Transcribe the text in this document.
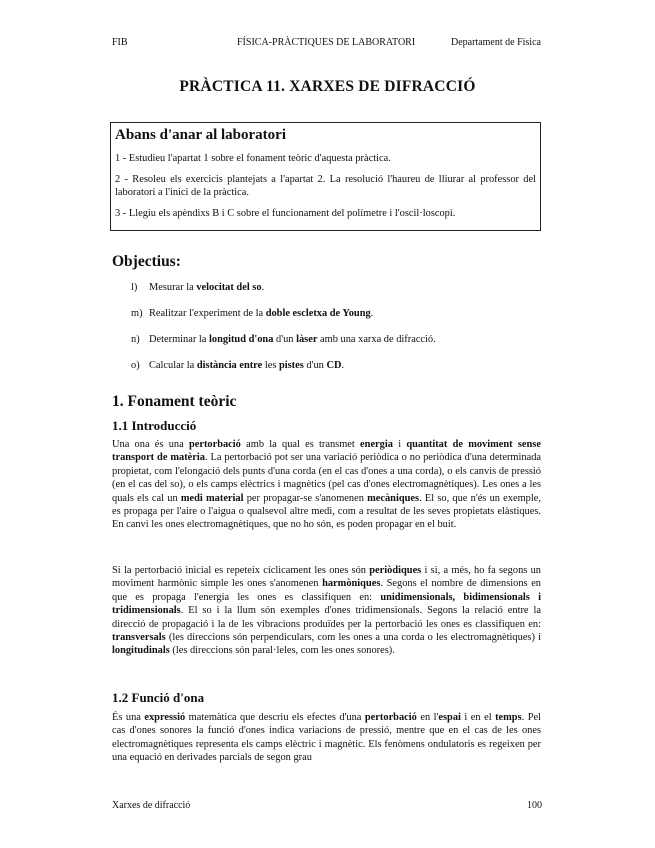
FIB	FÍSICA-PRÀCTIQUES DE LABORATORI	Departament de Física
PRÀCTICA 11. XARXES DE DIFRACCIÓ
Abans d'anar al laboratori

1 - Estudieu l'apartat 1 sobre el fonament teòric d'aquesta pràctica.

2 - Resoleu els exercicis plantejats a l'apartat 2. La resolució l'haureu de lliurar al professor del laboratori a l'inici de la pràctica.

3 - Llegiu els apèndixs B i C sobre el funcionament del polímetre i l'oscil·loscopi.

Objectius:
l)	Mesurar la velocitat del so.
m) Realitzar l'experiment de la doble escletxa de Young.
n) Determinar la longitud d'ona d'un làser amb una xarxa de difracció.
o) Calcular la distància entre les pistes d'un CD.
1. Fonament teòric
1.1 Introducció

Una ona és una pertorbació amb la qual es transmet energia i quantitat de moviment sense transport de matèria. La pertorbació pot ser una variació periòdica o no periòdica d'una determinada propietat, com l'elongació dels punts d'una corda (en el cas d'ones a una corda), o els canvis de pressió (en el cas del so), o els camps elèctrics i magnètics (pel cas d'ones electromagnètiques). Les ones a les quals els cal un medi material per propagar-se s'anomenen mecàniques. El so, que n'és un exemple, es propaga per l'aire o l'aigua o qualsevol altre medi, com a resultat de les seves propietats elàstiques. En canvi les ones electromagnètiques, que no ho són, es poden propagar en el buit.

Si la pertorbació inicial es repeteix cíclicament les ones són periòdiques i si, a més, ho fa segons un moviment harmònic simple les ones s'anomenen harmòniques. Segons el nombre de dimensions en que es propaga l'energia les ones es classifiquen en: unidimensionals, bidimensionals i tridimensionals. El so i la llum són exemples d'ones tridimensionals. Segons la relació entre la direcció de propagació i la de les vibracions produïdes per la pertorbació les ones es classifiquen en: transversals (les direccions són perpendiculars, com les ones a una corda o les electromagnètiques) i longitudinals (les direccions són paral·leles, com les ones sonores).

1.2 Funció d'ona

És una expressió matemàtica que descriu els efectes d'una pertorbació en l'espai i en el temps. Pel cas d'ones sonores la funció d'ones indica variacions de pressió, mentre que en el cas de les ones electromagnètiques representa els camps elèctric i magnètic. Els fenòmens ondulatoris es regeixen per una equació en derivades parcials de segon grau

Xarxes de difracció	100
